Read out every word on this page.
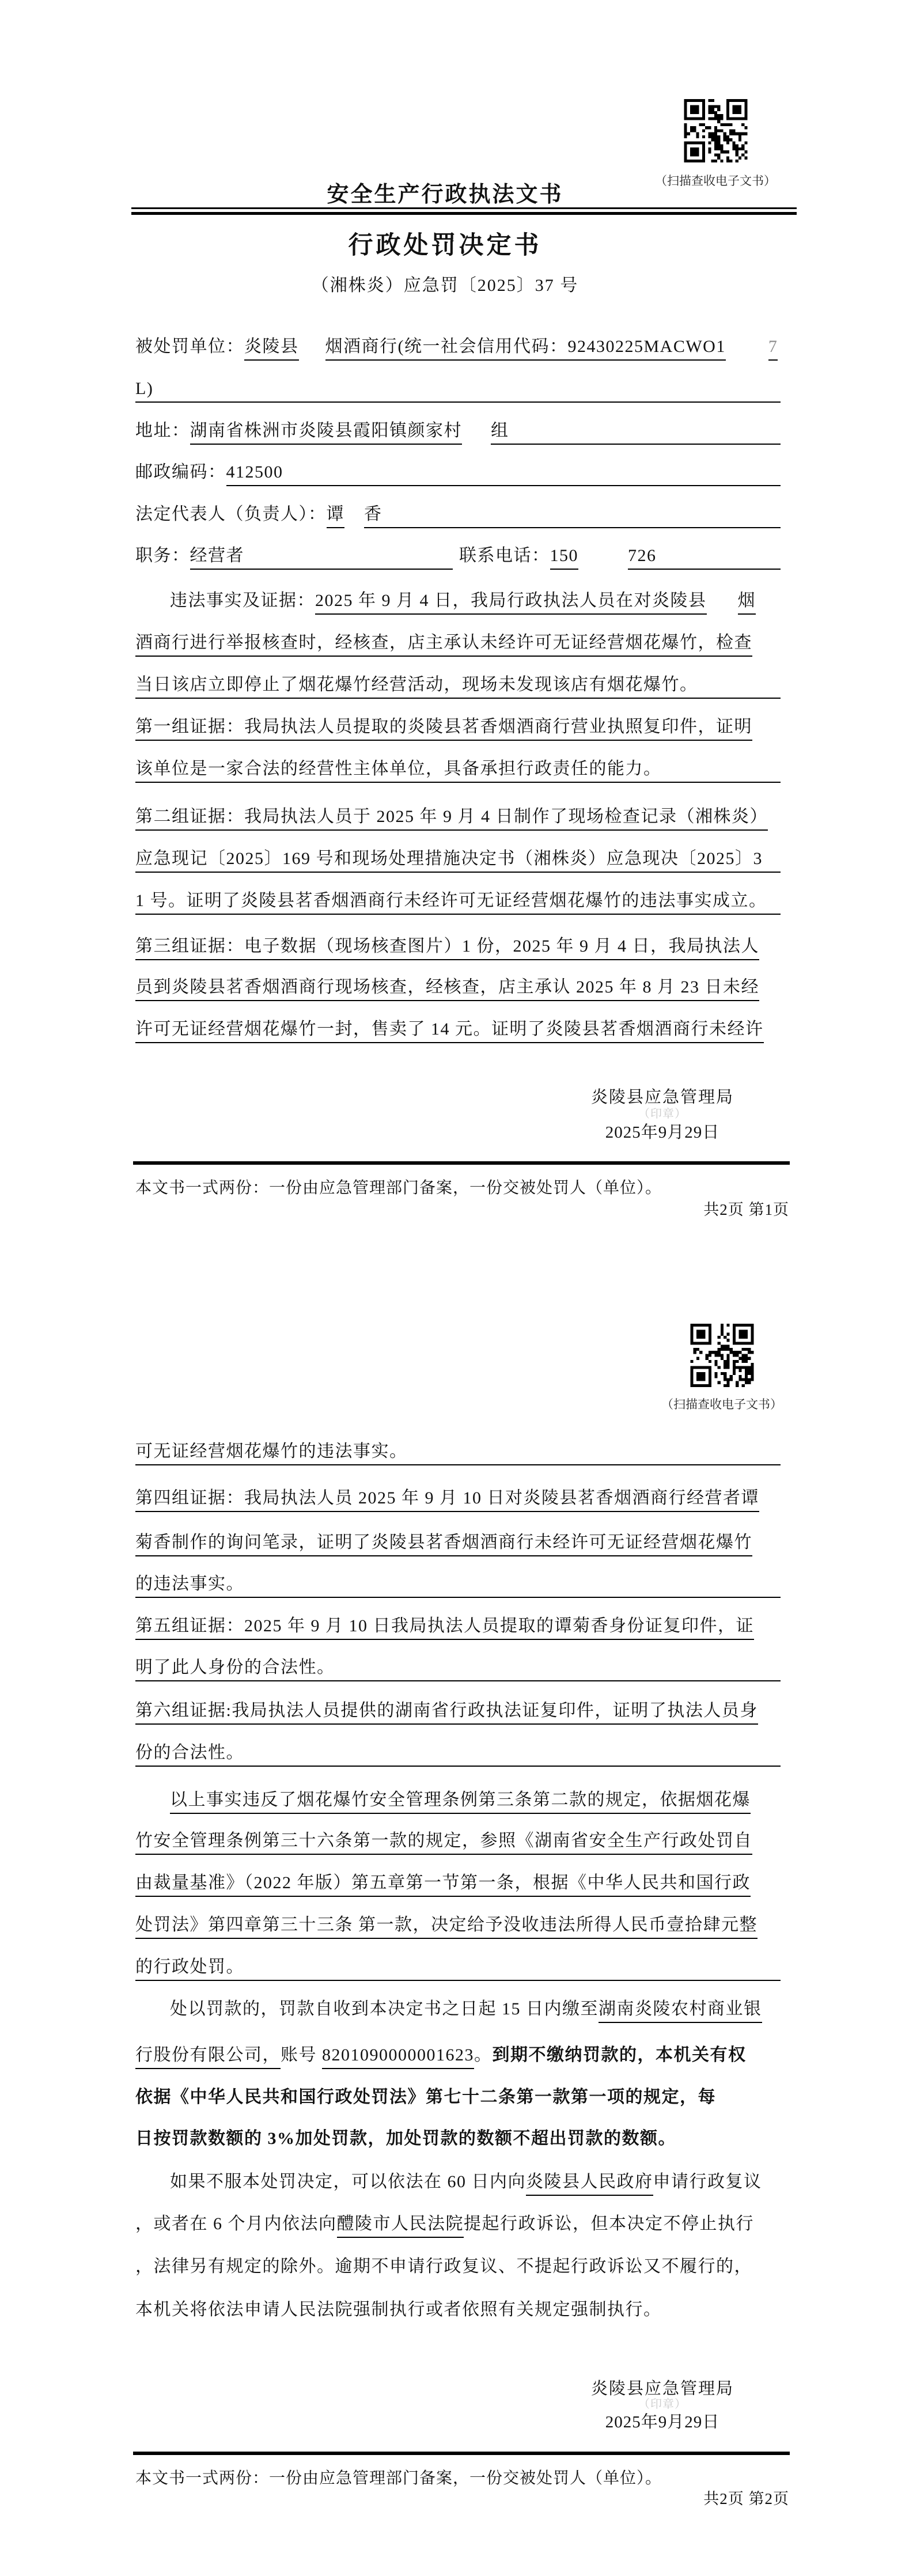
（扫描查收电子文书）
安全生产行政执法文书
行政处罚决定书
（湘株炎）应急罚〔2025〕37 号
被处罚单位： 炎陵县 烟酒商行(统一社会信用代码：92430225MACWO1 7
L)
地址： 湖南省株洲市炎陵县霞阳镇颜家村 组
邮政编码： 412500
法定代表人（负责人）： 谭 香
职务： 经营者	联系电话： 150	726
违法事实及证据： 2025 年 9 月 4 日，我局行政执法人员在对炎陵县 烟
酒商行进行举报核查时，经核查，店主承认未经许可无证经营烟花爆竹，检查
当日该店立即停止了烟花爆竹经营活动，现场未发现该店有烟花爆竹。
第一组证据：我局执法人员提取的炎陵县茗香烟酒商行营业执照复印件，证明
该单位是一家合法的经营性主体单位，具备承担行政责任的能力。
第二组证据：我局执法人员于 2025 年 9 月 4 日制作了现场检查记录（湘株炎）
应急现记〔2025〕169 号和现场处理措施决定书（湘株炎）应急现决〔2025〕3
1 号。证明了炎陵县茗香烟酒商行未经许可无证经营烟花爆竹的违法事实成立。
第三组证据：电子数据（现场核查图片）1 份，2025 年 9 月 4 日，我局执法人
员到炎陵县茗香烟酒商行现场核查，经核查，店主承认 2025 年 8 月 23 日未经
许可无证经营烟花爆竹一封，售卖了 14 元。证明了炎陵县茗香烟酒商行未经许
炎陵县应急管理局
（印章）
2025年9月29日
本文书一式两份：一份由应急管理部门备案，一份交被处罚人（单位）。
共2页 第1页
（扫描查收电子文书）
可无证经营烟花爆竹的违法事实。
第四组证据：我局执法人员 2025 年 9 月 10 日对炎陵县茗香烟酒商行经营者谭
菊香制作的询问笔录，证明了炎陵县茗香烟酒商行未经许可无证经营烟花爆竹
的违法事实。
第五组证据：2025 年 9 月 10 日我局执法人员提取的谭菊香身份证复印件，证
明了此人身份的合法性。
第六组证据:我局执法人员提供的湖南省行政执法证复印件，证明了执法人员身
份的合法性。
以上事实违反了烟花爆竹安全管理条例第三条第二款的规定，依据烟花爆
竹安全管理条例第三十六条第一款的规定，参照《湖南省安全生产行政处罚自
由裁量基准》（2022 年版）第五章第一节第一条，根据《中华人民共和国行政
处罚法》第四章第三十三条 第一款，决定给予没收违法所得人民币壹拾肆元整
的行政处罚。
处以罚款的，罚款自收到本决定书之日起 15 日内缴至 湖南炎陵农村商业银
行股份有限公司， 账号 8201090000001623 。 到期不缴纳罚款的，本机关有权
依据《中华人民共和国行政处罚法》第七十二条第一款第一项的规定，每
日按罚款数额的 3%加处罚款，加处罚款的数额不超出罚款的数额。
如果不服本处罚决定，可以依法在 60 日内向 炎陵县人民政府 申请行政复议
，或者在 6 个月内依法向 醴陵市人民法院 提起行政诉讼，但本决定不停止执行
，法律另有规定的除外。逾期不申请行政复议、不提起行政诉讼又不履行的，
本机关将依法申请人民法院强制执行或者依照有关规定强制执行。
炎陵县应急管理局
（印章）
2025年9月29日
本文书一式两份：一份由应急管理部门备案，一份交被处罚人（单位）。
共2页 第2页
